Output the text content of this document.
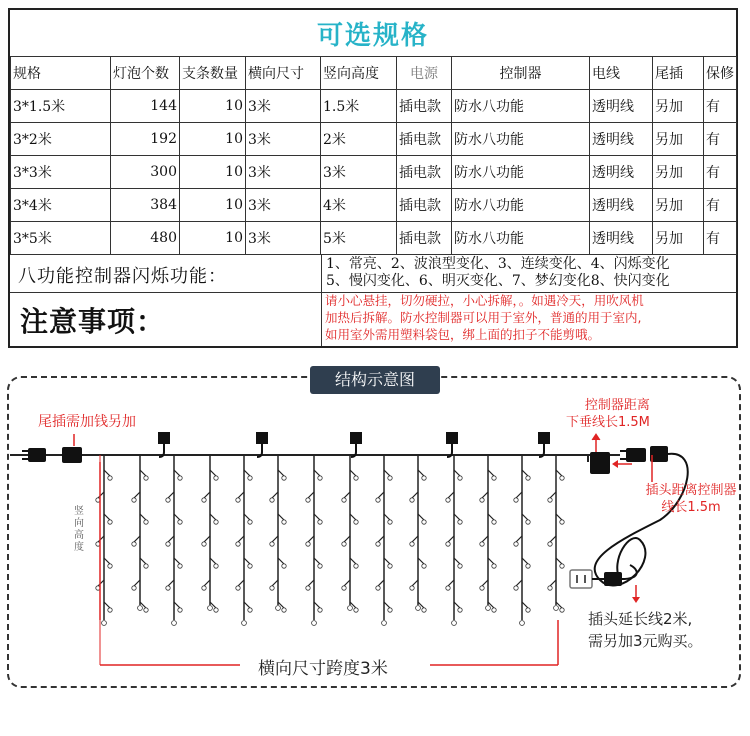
可选规格
规格	灯泡个数	支条数量	横向尺寸	竖向高度	电源	控制器	电线	尾插	保修
3*1.5米	144	10	3米	1.5米	插电款	防水八功能	透明线	另加	有
3*2米	192	10	3米	2米	插电款	防水八功能	透明线	另加	有
3*3米	300	10	3米	3米	插电款	防水八功能	透明线	另加	有
3*4米	384	10	3米	4米	插电款	防水八功能	透明线	另加	有
3*5米	480	10	3米	5米	插电款	防水八功能	透明线	另加	有
八功能控制器闪烁功能：
1、常亮、2、波浪型变化、3、连续变化、4、闪烁变化
5、慢闪变化、6、明灭变化、7、梦幻变化8、快闪变化
注意事项：
请小心悬挂，切勿硬拉，小心拆解，。如遇冷天，用吹风机
加热后拆解。防水控制器可以用于室外，普通的用于室内,
如用室外需用塑料袋包，绑上面的扣子不能剪哦。
结构示意图
尾插需加钱另加
控制器距离
下垂线长1.5M
插头距离控制器
线长1.5m
竖向高度
横向尺寸跨度3米
插头延长线2米,
需另加3元购买。
